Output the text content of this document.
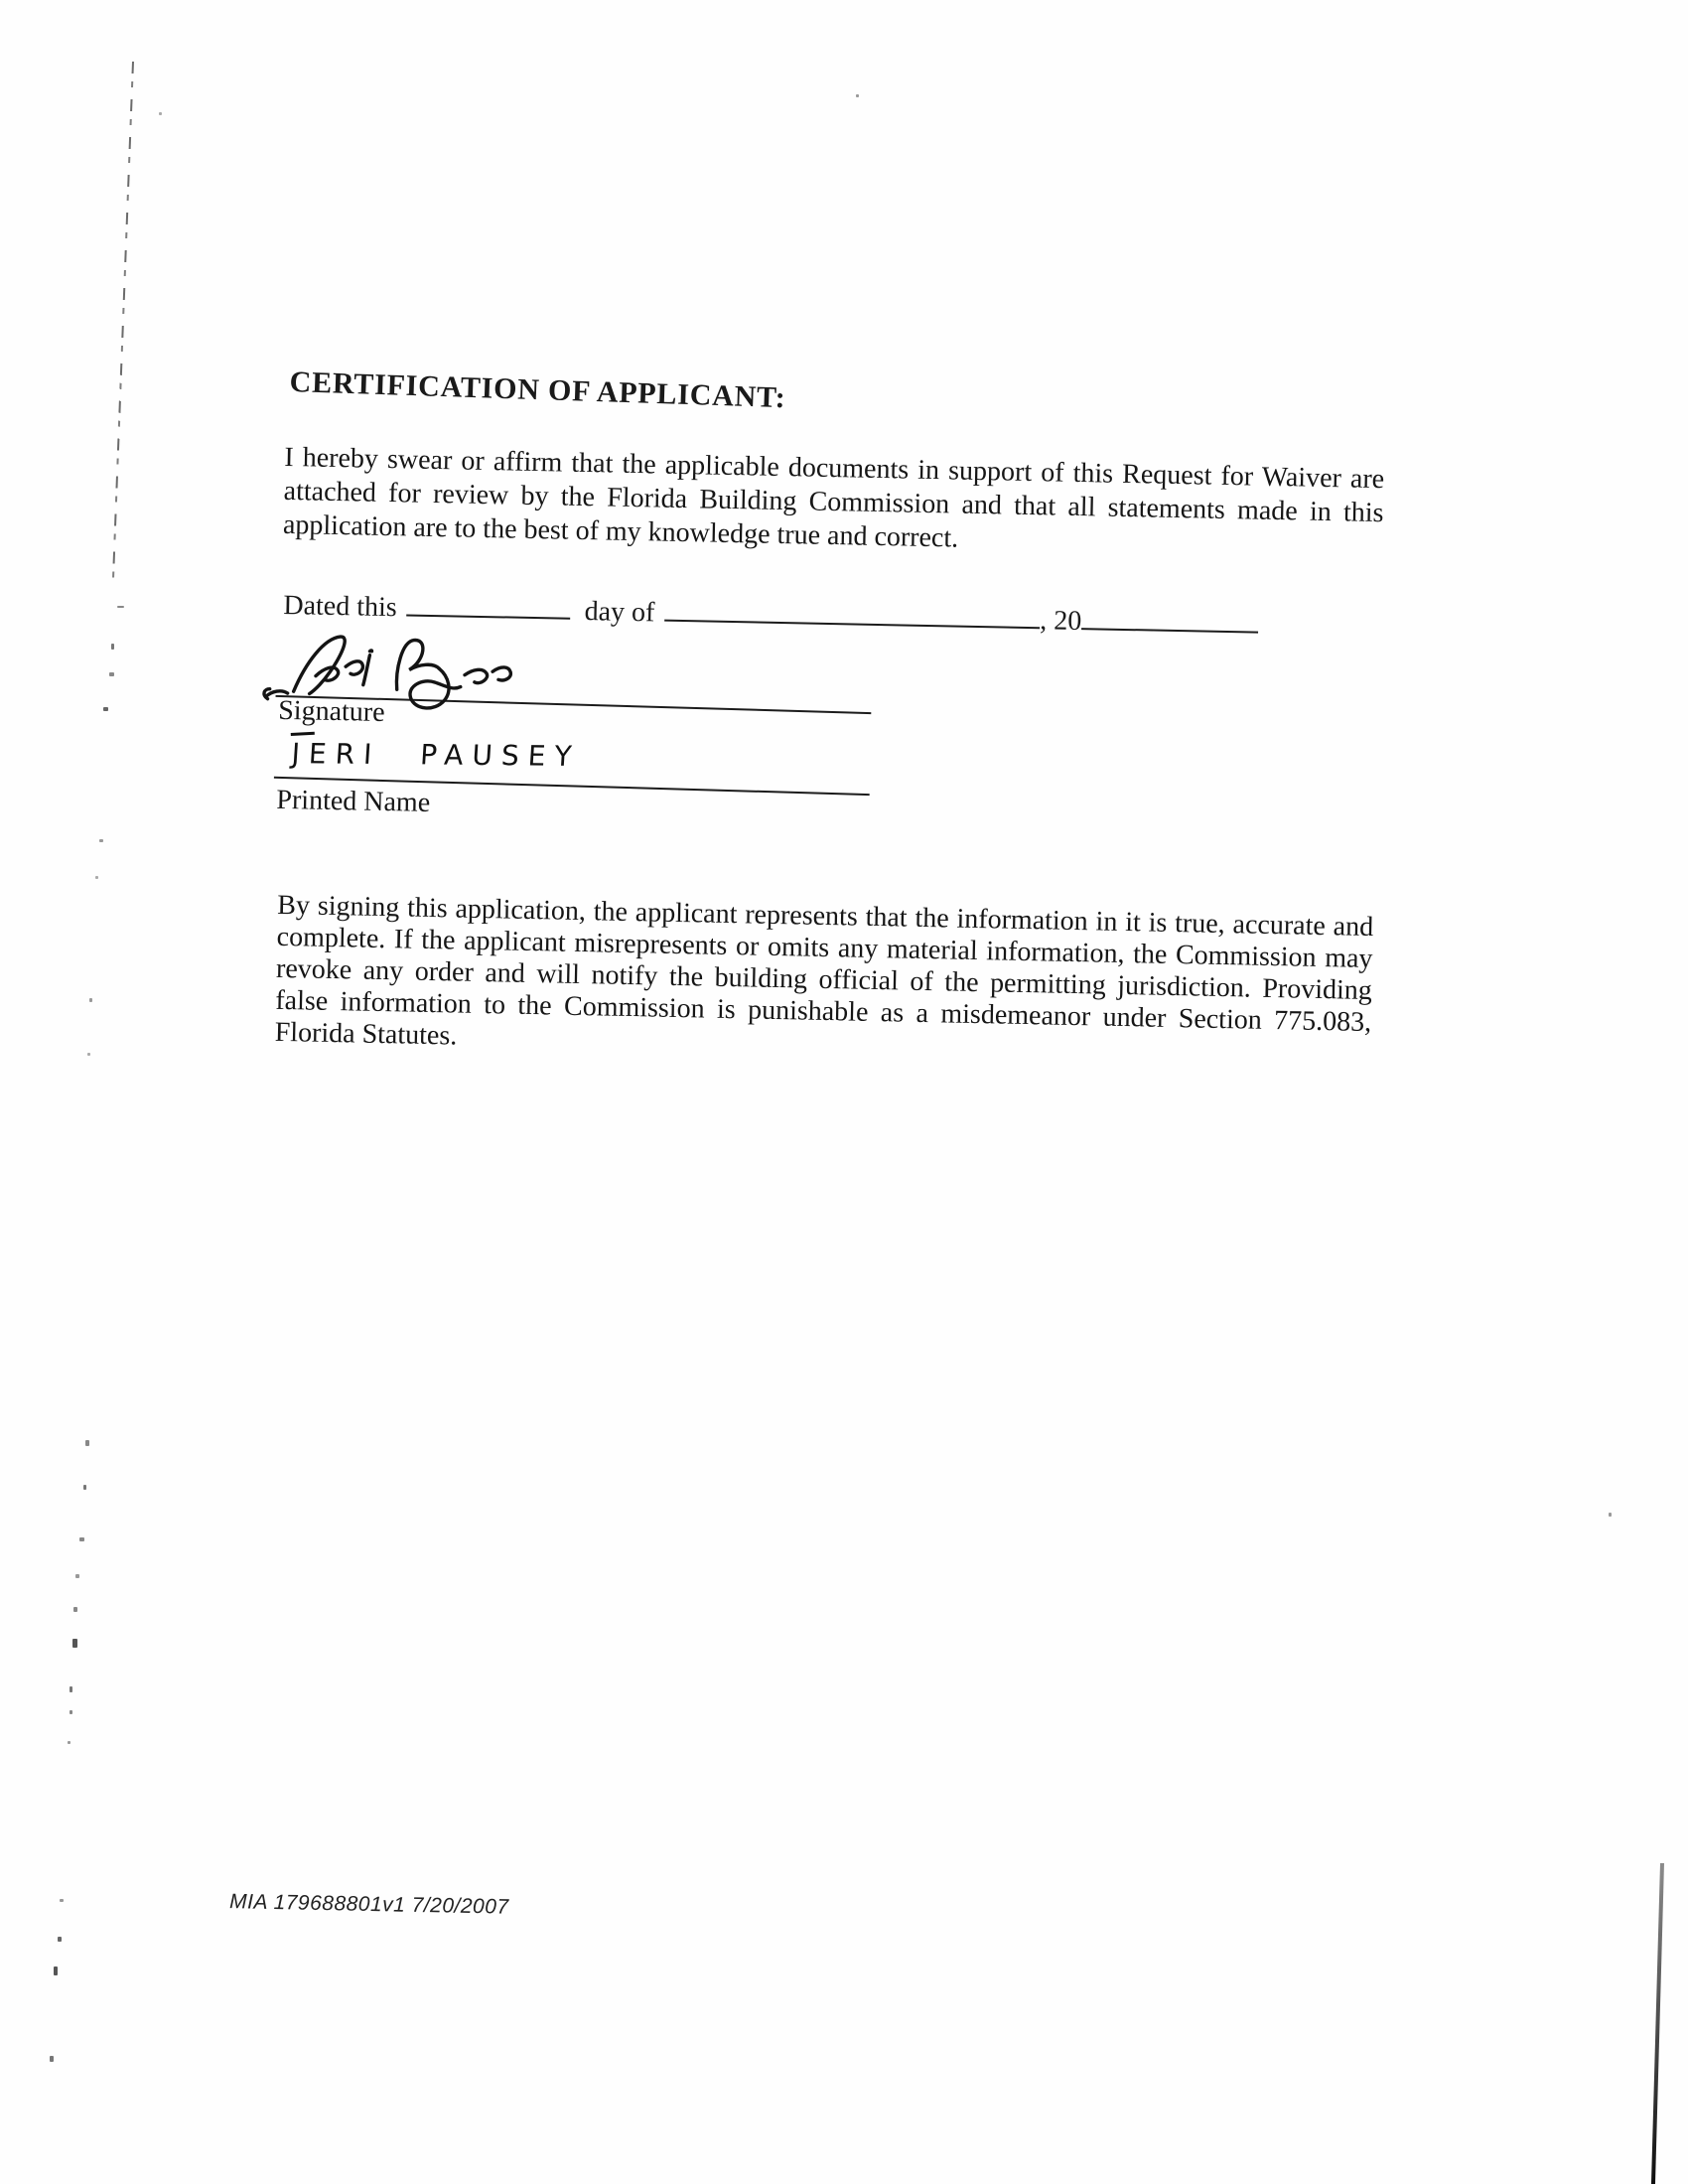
CERTIFICATION OF APPLICANT:
I hereby swear or affirm that the applicable documents in support of this Request for Waiver are attached for review by the Florida Building Commission and that all statements made in this application are to the best of my knowledge true and correct.
Dated this	day of	, 20
Signature
JERI PAUSEY
Printed Name
By signing this application, the applicant represents that the information in it is true, accurate and complete. If the applicant misrepresents or omits any material information, the Commission may revoke any order and will notify the building official of the permitting jurisdiction. Providing false information to the Commission is punishable as a misdemeanor under Section 775.083, Florida Statutes.
MIA 179688801v1 7/20/2007
